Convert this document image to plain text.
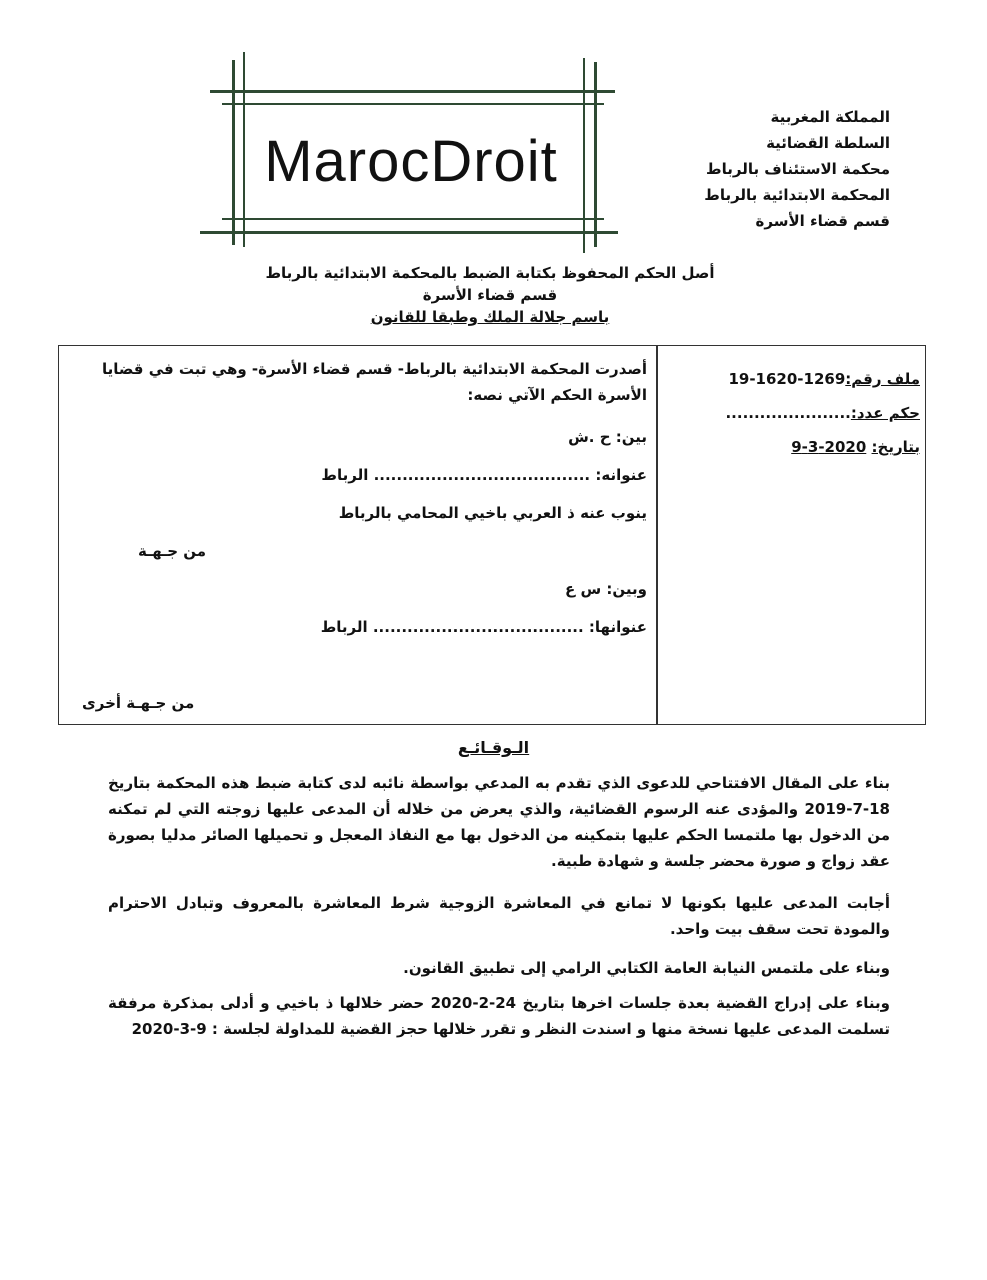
MarocDroit
المملكة المغربية
السلطة القضائية
محكمة الاستئناف بالرباط
المحكمة الابتدائية بالرباط
قسم قضاء الأسرة
أصل الحكم المحفوظ بكتابة الضبط بالمحكمة الابتدائية بالرباط
قسم قضاء الأسرة
باسم جلالة الملك وطبقا للقانون
ملف رقم:1269-1620-19
حكم عدد:......................
بتاريخ: 2020-3-9
أصدرت المحكمة الابتدائية بالرباط- قسم قضاء الأسرة- وهي تبت في قضايا الأسرة الحكم الآتي نصه:
بين: ح .ش
عنوانه: ...................................... الرباط
ينوب عنه ذ العربي باخيي المحامي بالرباط
من جـهـة
وبين: س ع
عنوانها: ..................................... الرباط
من جـهـة أخرى
الـوقـائـع
بناء على المقال الافتتاحي للدعوى الذي تقدم به المدعي بواسطة نائبه لدى كتابة ضبط هذه المحكمة بتاريخ 18-7-2019 والمؤدى عنه الرسوم القضائية، والذي يعرض من خلاله أن المدعى عليها زوجته التي لم تمكنه من الدخول بها ملتمسا الحكم عليها بتمكينه من الدخول بها مع النفاذ المعجل و تحميلها الصائر مدليا بصورة عقد زواج و صورة محضر جلسة و شهادة طبية.
أجابت المدعى عليها بكونها لا تمانع في المعاشرة الزوجية شرط المعاشرة بالمعروف وتبادل الاحترام والمودة تحت سقف بيت واحد.
وبناء على ملتمس النيابة العامة الكتابي الرامي إلى تطبيق القانون.
وبناء على إدراج القضية بعدة جلسات اخرها بتاريخ 24-2-2020 حضر خلالها ذ باخيي و أدلى بمذكرة مرفقة تسلمت المدعى عليها نسخة منها و اسندت النظر و تقرر خلالها حجز القضية للمداولة لجلسة : 9-3-2020
